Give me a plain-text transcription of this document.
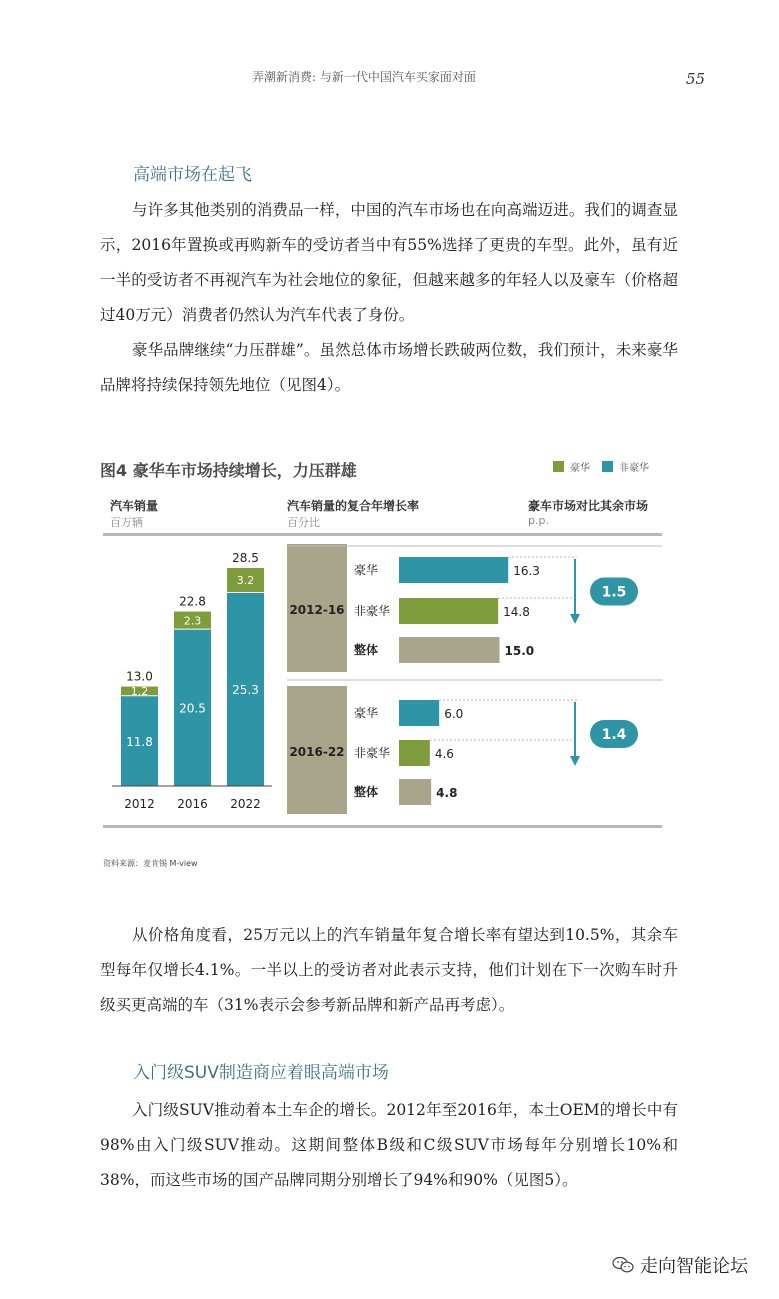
弄潮新消费: 与新一代中国汽车买家面对面	55
高端市场在起飞

与许多其他类别的消费品一样，中国的汽车市场也在向高端迈进。我们的调查显示，2016年置换或再购新车的受访者当中有55%选择了更贵的车型。此外，虽有近一半的受访者不再视汽车为社会地位的象征，但越来越多的年轻人以及豪车（价格超过40万元）消费者仍然认为汽车代表了身份。

豪华品牌继续“力压群雄”。虽然总体市场增长跌破两位数，我们预计，未来豪华品牌将持续保持领先地位（见图4）。

图4 豪华车市场持续增长，力压群雄	豪华	非豪华
汽车销量
百万辆
汽车销量的复合年增长率
百分比
豪车市场对比其余市场
p.p.
11.8
1.2
13.0
2012
20.5
2.3
22.8
2016
25.3
3.2
28.5
2022
2012-16
豪华	16.3
非豪华	14.8
整体	15.0
1.5
2016-22
豪华	6.0
非豪华	4.6
整体	4.8
1.4
资料来源：麦肯锡 M-view

从价格角度看，25万元以上的汽车销量年复合增长率有望达到10.5%，其余车型每年仅增长4.1%。一半以上的受访者对此表示支持，他们计划在下一次购车时升级买更高端的车（31%表示会参考新品牌和新产品再考虑）。

入门级SUV制造商应着眼高端市场

入门级SUV推动着本土车企的增长。2012年至2016年，本土OEM的增长中有98%由入门级SUV推动。这期间整体B级和C级SUV市场每年分别增长10%和38%，而这些市场的国产品牌同期分别增长了94%和90%（见图5）。

走向智能论坛
